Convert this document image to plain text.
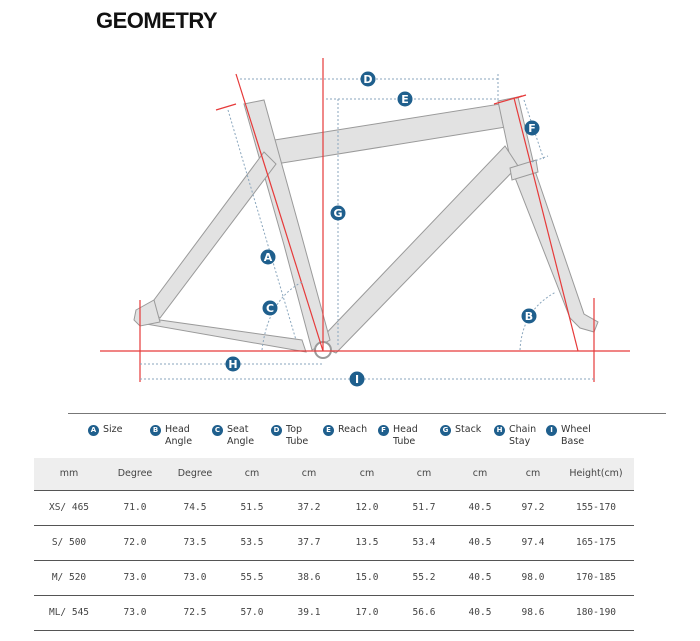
GEOMETRY
D
E
F
G
A
C
B
H
I
A Size	B Head Angle
C Seat Angle
D Top Tube
E Reach	F Head Tube
G Stack	H Chain Stay
I Wheel Base
mm	Degree	Degree	cm	cm	cm	cm	cm	cm	Height(cm)
XS/ 465	71.0	74.5	51.5	37.2	12.0	51.7	40.5	97.2	155-170
S/ 500	72.0	73.5	53.5	37.7	13.5	53.4	40.5	97.4	165-175
M/ 520	73.0	73.0	55.5	38.6	15.0	55.2	40.5	98.0	170-185
ML/ 545	73.0	72.5	57.0	39.1	17.0	56.6	40.5	98.6	180-190
